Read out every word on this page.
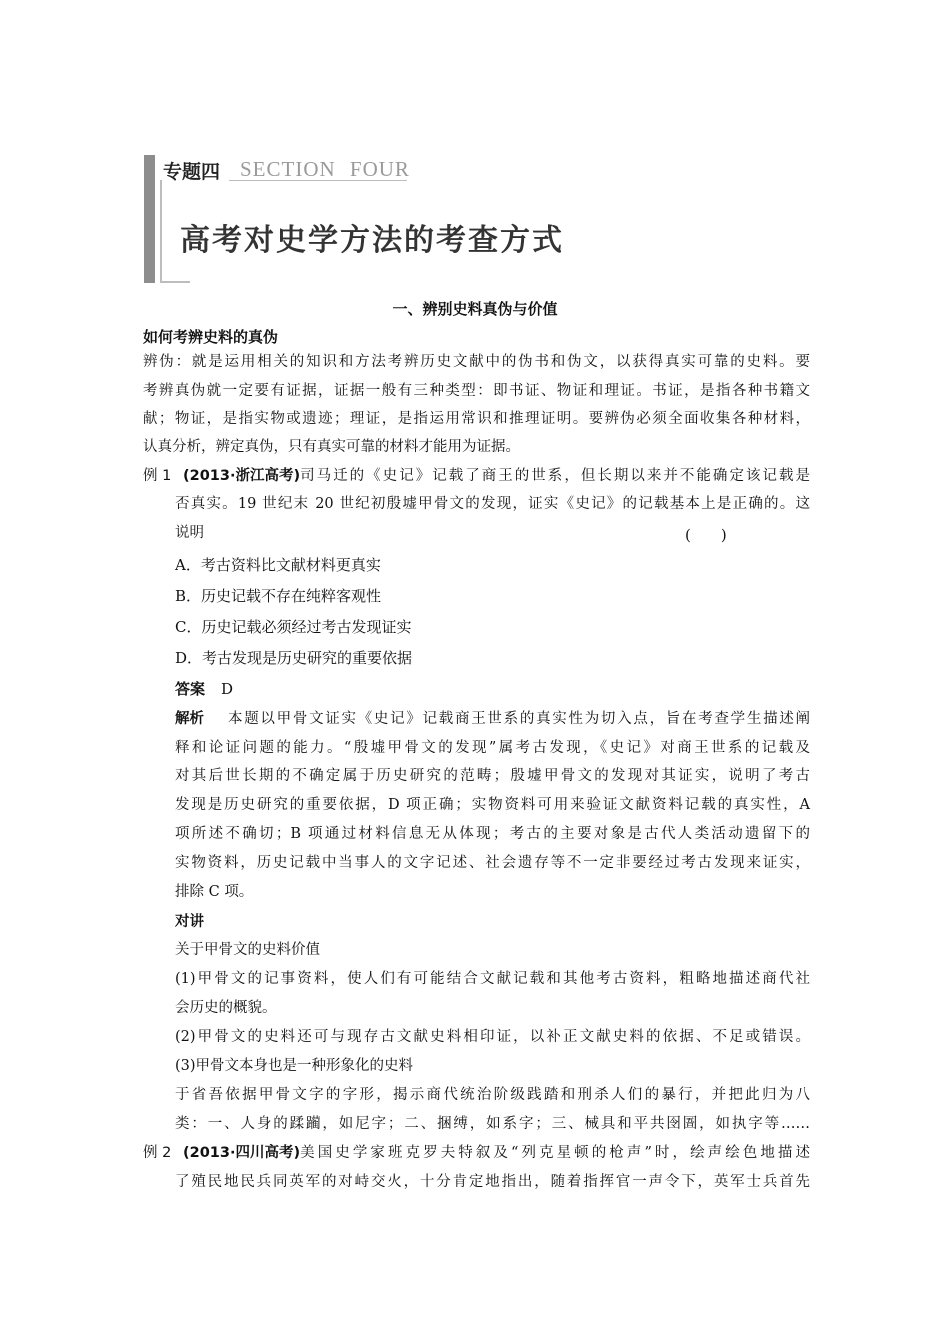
专题四 SECTION FOUR
高考对史学方法的考查方式
一、辨别史料真伪与价值
如何考辨史料的真伪
辨伪：就是运用相关的知识和方法考辨历史文献中的伪书和伪文，以获得真实可靠的史料。要
考辨真伪就一定要有证据，证据一般有三种类型：即书证、物证和理证。书证，是指各种书籍文
献；物证，是指实物或遗迹；理证，是指运用常识和推理证明。要辨伪必须全面收集各种材料，
认真分析，辨定真伪，只有真实可靠的材料才能用为证据。
例 1 (2013·浙江高考) 司马迁的《史记》记载了商王的世系，但长期以来并不能确定该记载是
否真实。19 世纪末 20 世纪初殷墟甲骨文的发现，证实《史记》的记载基本上是正确的。这
说明	(　　)
A．考古资料比文献材料更真实
B．历史记载不存在纯粹客观性
C．历史记载必须经过考古发现证实
D．考古发现是历史研究的重要依据
答案 D
解析 本题以甲骨文证实《史记》记载商王世系的真实性为切入点，旨在考查学生描述阐
释和论证问题的能力。“殷墟甲骨文的发现”属考古发现，《史记》对商王世系的记载及
对其后世长期的不确定属于历史研究的范畴；殷墟甲骨文的发现对其证实，说明了考古
发现是历史研究的重要依据，D 项正确；实物资料可用来验证文献资料记载的真实性，A
项所述不确切；B 项通过材料信息无从体现；考古的主要对象是古代人类活动遗留下的
实物资料，历史记载中当事人的文字记述、社会遗存等不一定非要经过考古发现来证实，
排除 C 项。
对讲
关于甲骨文的史料价值
(1)甲骨文的记事资料，使人们有可能结合文献记载和其他考古资料，粗略地描述商代社
会历史的概貌。
(2)甲骨文的史料还可与现存古文献史料相印证，以补正文献史料的依据、不足或错误。
(3)甲骨文本身也是一种形象化的史料
于省吾依据甲骨文字的字形，揭示商代统治阶级践踏和刑杀人们的暴行，并把此归为八
类：一、人身的蹂躏，如尼字；二、捆缚，如系字；三、械具和平共囹圄，如执字等……
例 2 (2013·四川高考) 美国史学家班克罗夫特叙及“列克星顿的枪声”时，绘声绘色地描述
了殖民地民兵同英军的对峙交火，十分肯定地指出，随着指挥官一声令下，英军士兵首先
